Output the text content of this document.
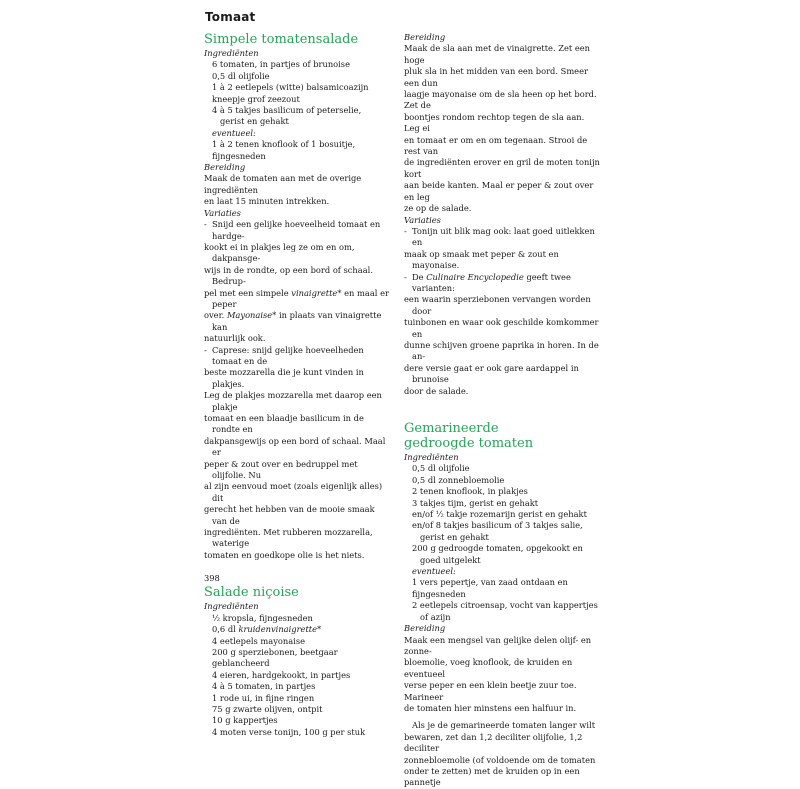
Tomaat
Simpele tomatensalade
Ingrediënten
6 tomaten, in partjes of brunoise
0,5 dl olijfolie
1 à 2 eetlepels (witte) balsamicoazijn
kneepje grof zeezout
4 à 5 takjes basilicum of peterselie,
gerist en gehakt
eventueel:
1 à 2 tenen knoflook of 1 bosuitje, fijngesneden
Bereiding
Maak de tomaten aan met de overige ingrediënten
en laat 15 minuten intrekken.
Variaties
- Snijd een gelijke hoeveelheid tomaat en hardge-
kookt ei in plakjes leg ze om en om, dakpansge-
wijs in de rondte, op een bord of schaal. Bedrup-
pel met een simpele vinaigrette* en maal er peper
over. Mayonaise* in plaats van vinaigrette kan
natuurlijk ook.
- Caprese: snijd gelijke hoeveelheden tomaat en de
beste mozzarella die je kunt vinden in plakjes.
Leg de plakjes mozzarella met daarop een plakje
tomaat en een blaadje basilicum in de rondte en
dakpansgewijs op een bord of schaal. Maal er
peper & zout over en bedruppel met olijfolie. Nu
al zijn eenvoud moet (zoals eigenlijk alles) dit
gerecht het hebben van de mooie smaak van de
ingrediënten. Met rubberen mozzarella, waterige
tomaten en goedkope olie is het niets.
Salade niçoise
Ingrediënten
½ kropsla, fijngesneden
0,6 dl kruidenvinaigrette*
4 eetlepels mayonaise
200 g sperziebonen, beetgaar geblancheerd
4 eieren, hardgekookt, in partjes
4 à 5 tomaten, in partjes
1 rode ui, in fijne ringen
75 g zwarte olijven, ontpit
10 g kappertjes
4 moten verse tonijn, 100 g per stuk
Bereiding
Maak de sla aan met de vinaigrette. Zet een hoge
pluk sla in het midden van een bord. Smeer een dun
laagje mayonaise om de sla heen op het bord. Zet de
boontjes rondom rechtop tegen de sla aan. Leg ei
en tomaat er om en om tegenaan. Strooi de rest van
de ingrediënten erover en gril de moten tonijn kort
aan beide kanten. Maal er peper & zout over en leg
ze op de salade.
Variaties
- Tonijn uit blik mag ook: laat goed uitlekken en
maak op smaak met peper & zout en mayonaise.
- De Culinaire Encyclopedie geeft twee varianten:
een waarin sperziebonen vervangen worden door
tuinbonen en waar ook geschilde komkommer en
dunne schijven groene paprika in horen. In de an-
dere versie gaat er ook gare aardappel in brunoise
door de salade.
Gemarineerde
gedroogde tomaten
Ingrediënten
0,5 dl olijfolie
0,5 dl zonnebloemolie
2 tenen knoflook, in plakjes
3 takjes tijm, gerist en gehakt
en/of ½ takje rozemarijn gerist en gehakt
en/of 8 takjes basilicum of 3 takjes salie,
gerist en gehakt
200 g gedroogde tomaten, opgekookt en
goed uitgelekt
eventueel:
1 vers pepertje, van zaad ontdaan en fijngesneden
2 eetlepels citroensap, vocht van kappertjes
of azijn
Bereiding
Maak een mengsel van gelijke delen olijf- en zonne-
bloemolie, voeg knoflook, de kruiden en eventueel
verse peper en een klein beetje zuur toe. Marineer
de tomaten hier minstens een halfuur in.
Als je de gemarineerde tomaten langer wilt
bewaren, zet dan 1,2 deciliter olijfolie, 1,2 deciliter
zonnebloemolie (of voldoende om de tomaten
onder te zetten) met de kruiden op in een pannetje
398
